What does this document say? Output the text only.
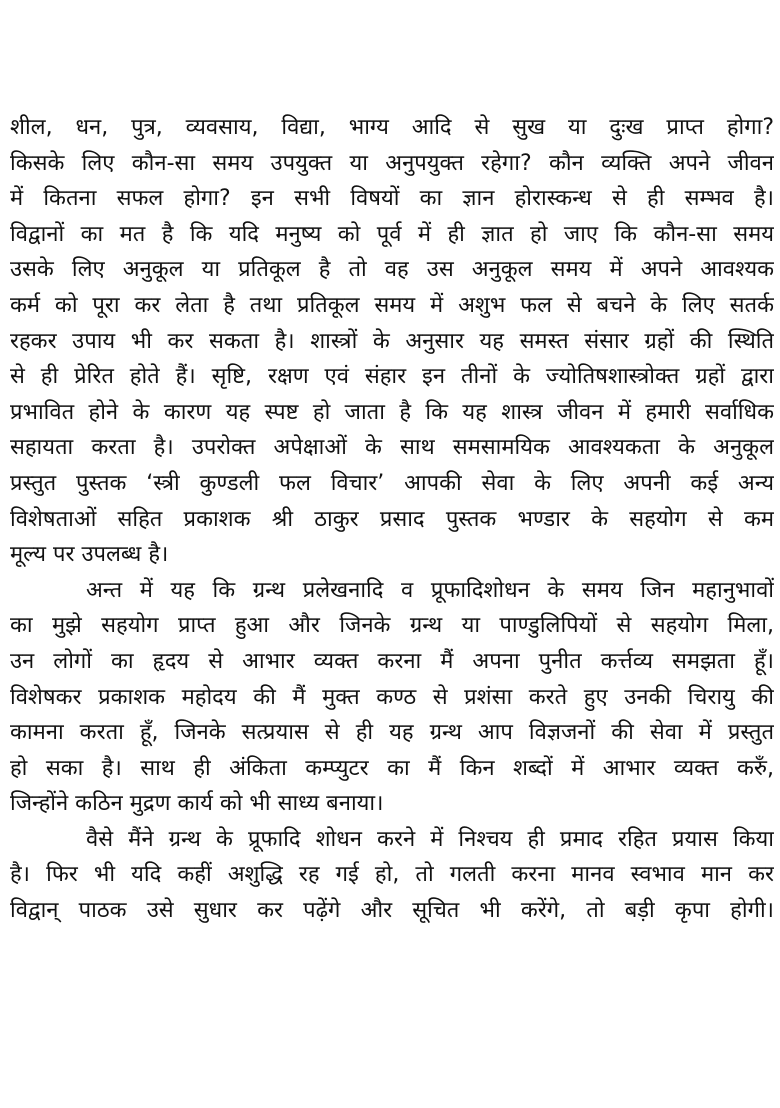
शील, धन, पुत्र, व्यवसाय, विद्या, भाग्य आदि से सुख या दुःख प्राप्त होगा?
किसके लिए कौन-सा समय उपयुक्त या अनुपयुक्त रहेगा? कौन व्यक्ति अपने जीवन
में कितना सफल होगा? इन सभी विषयों का ज्ञान होरास्कन्ध से ही सम्भव है।
विद्वानों का मत है कि यदि मनुष्य को पूर्व में ही ज्ञात हो जाए कि कौन-सा समय
उसके लिए अनुकूल या प्रतिकूल है तो वह उस अनुकूल समय में अपने आवश्यक
कर्म को पूरा कर लेता है तथा प्रतिकूल समय में अशुभ फल से बचने के लिए सतर्क
रहकर उपाय भी कर सकता है। शास्त्रों के अनुसार यह समस्त संसार ग्रहों की स्थिति
से ही प्रेरित होते हैं। सृष्टि, रक्षण एवं संहार इन तीनों के ज्योतिषशास्त्रोक्त ग्रहों द्वारा
प्रभावित होने के कारण यह स्पष्ट हो जाता है कि यह शास्त्र जीवन में हमारी सर्वाधिक
सहायता करता है। उपरोक्त अपेक्षाओं के साथ समसामयिक आवश्यकता के अनुकूल
प्रस्तुत पुस्तक ‘स्त्री कुण्डली फल विचार’ आपकी सेवा के लिए अपनी कई अन्य
विशेषताओं सहित प्रकाशक श्री ठाकुर प्रसाद पुस्तक भण्डार के सहयोग से कम
मूल्य पर उपलब्ध है।
अन्त में यह कि ग्रन्थ प्रलेखनादि व प्रूफादिशोधन के समय जिन महानुभावों
का मुझे सहयोग प्राप्त हुआ और जिनके ग्रन्थ या पाण्डुलिपियों से सहयोग मिला,
उन लोगों का हृदय से आभार व्यक्त करना मैं अपना पुनीत कर्त्तव्य समझता हूँ।
विशेषकर प्रकाशक महोदय की मैं मुक्त कण्ठ से प्रशंसा करते हुए उनकी चिरायु की
कामना करता हूँ, जिनके सत्प्रयास से ही यह ग्रन्थ आप विज्ञजनों की सेवा में प्रस्तुत
हो सका है। साथ ही अंकिता कम्प्युटर का मैं किन शब्दों में आभार व्यक्त करुँ,
जिन्होंने कठिन मुद्रण कार्य को भी साध्य बनाया।
वैसे मैंने ग्रन्थ के प्रूफादि शोधन करने में निश्चय ही प्रमाद रहित प्रयास किया
है। फिर भी यदि कहीं अशुद्धि रह गई हो, तो गलती करना मानव स्वभाव मान कर
विद्वान् पाठक उसे सुधार कर पढ़ेंगे और सूचित भी करेंगे, तो बड़ी कृपा होगी।
